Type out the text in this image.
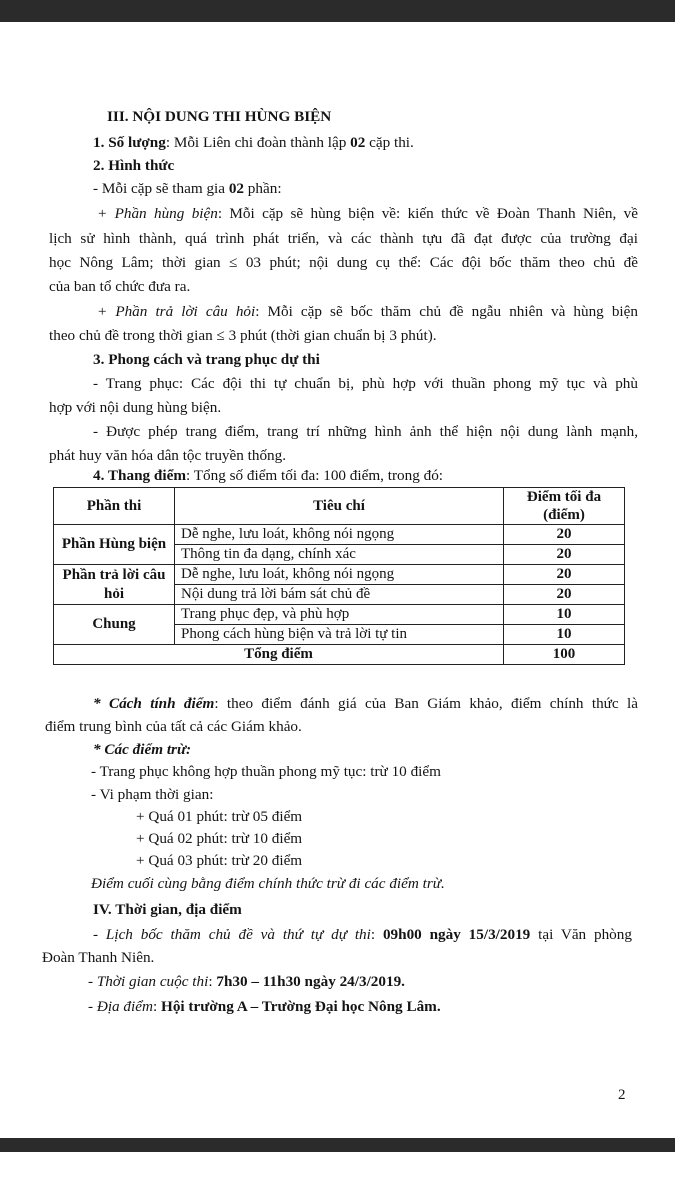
III. NỘI DUNG THI HÙNG BIỆN
1. Số lượng: Mỗi Liên chi đoàn thành lập 02 cặp thi.
2. Hình thức
- Mỗi cặp sẽ tham gia 02 phần:
+ Phần hùng biện: Mỗi cặp sẽ hùng biện về: kiến thức về Đoàn Thanh Niên, về
lịch sử hình thành, quá trình phát triển, và các thành tựu đã đạt được của trường đại
học Nông Lâm; thời gian ≤ 03 phút; nội dung cụ thể: Các đội bốc thăm theo chủ đề
của ban tổ chức đưa ra.
+ Phần trả lời câu hỏi: Mỗi cặp sẽ bốc thăm chủ đề ngẫu nhiên và hùng biện
theo chủ đề trong thời gian ≤ 3 phút (thời gian chuẩn bị 3 phút).
3. Phong cách và trang phục dự thi
- Trang phục: Các đội thi tự chuẩn bị, phù hợp với thuần phong mỹ tục và phù
hợp với nội dung hùng biện.
- Được phép trang điểm, trang trí những hình ảnh thể hiện nội dung lành mạnh,
phát huy văn hóa dân tộc truyền thống.
4. Thang điểm: Tổng số điểm tối đa: 100 điểm, trong đó:
Phần thi	Tiêu chí	Điểm tối đa (điểm)
Phần Hùng biện	Dễ nghe, lưu loát, không nói ngọng	20
	Thông tin đa dạng, chính xác	20
Phần trả lời câu hỏi	Dễ nghe, lưu loát, không nói ngọng	20
	Nội dung trả lời bám sát chủ đề	20
Chung	Trang phục đẹp, và phù hợp	10
	Phong cách hùng biện và trả lời tự tin	10
Tổng điểm		100
* Cách tính điểm: theo điểm đánh giá của Ban Giám khảo, điểm chính thức là
điểm trung bình của tất cả các Giám khảo.
* Các điểm trừ:
- Trang phục không hợp thuần phong mỹ tục: trừ 10 điểm
- Vi phạm thời gian:
+ Quá 01 phút: trừ 05 điểm
+ Quá 02 phút: trừ 10 điểm
+ Quá 03 phút: trừ 20 điểm
Điểm cuối cùng bằng điểm chính thức trừ đi các điểm trừ.
IV. Thời gian, địa điểm
- Lịch bốc thăm chủ đề và thứ tự dự thi: 09h00 ngày 15/3/2019 tại Văn phòng
Đoàn Thanh Niên.
- Thời gian cuộc thi: 7h30 – 11h30 ngày 24/3/2019.
- Địa điểm: Hội trường A – Trường Đại học Nông Lâm.
2
